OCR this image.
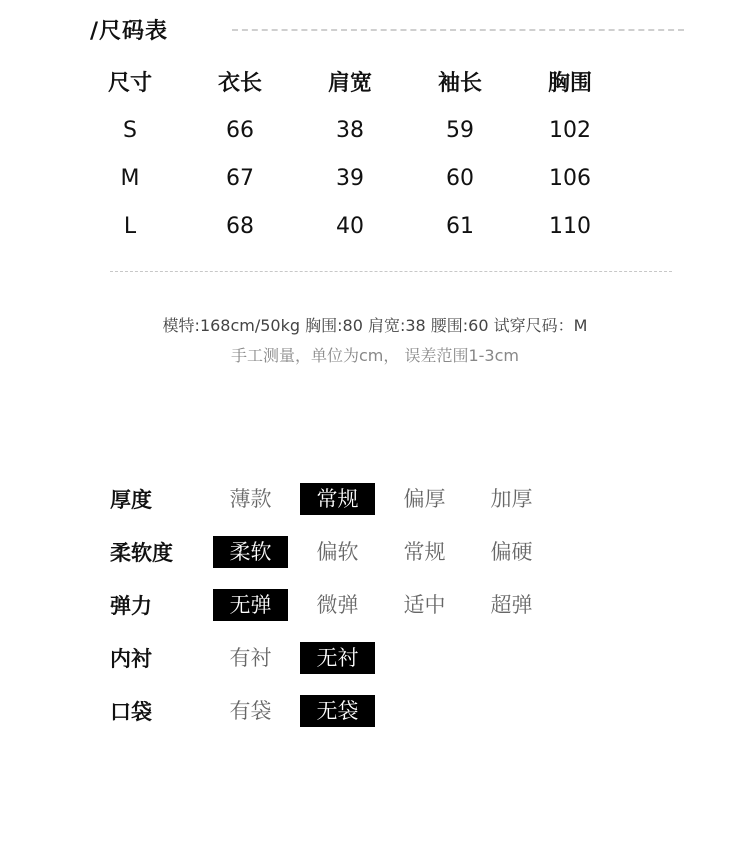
/尺码表
尺寸	衣长	肩宽	袖长	胸围
S	66	38	59	102
M	67	39	60	106
L	68	40	61	110
模特:168cm/50kg 胸围:80 肩宽:38 腰围:60 试穿尺码：M
手工测量，单位为cm， 误差范围1-3cm
厚度	薄款	常规	偏厚	加厚
柔软度	柔软	偏软	常规	偏硬
弹力	无弹	微弹	适中	超弹
内衬	有衬	无衬
口袋	有袋	无袋
